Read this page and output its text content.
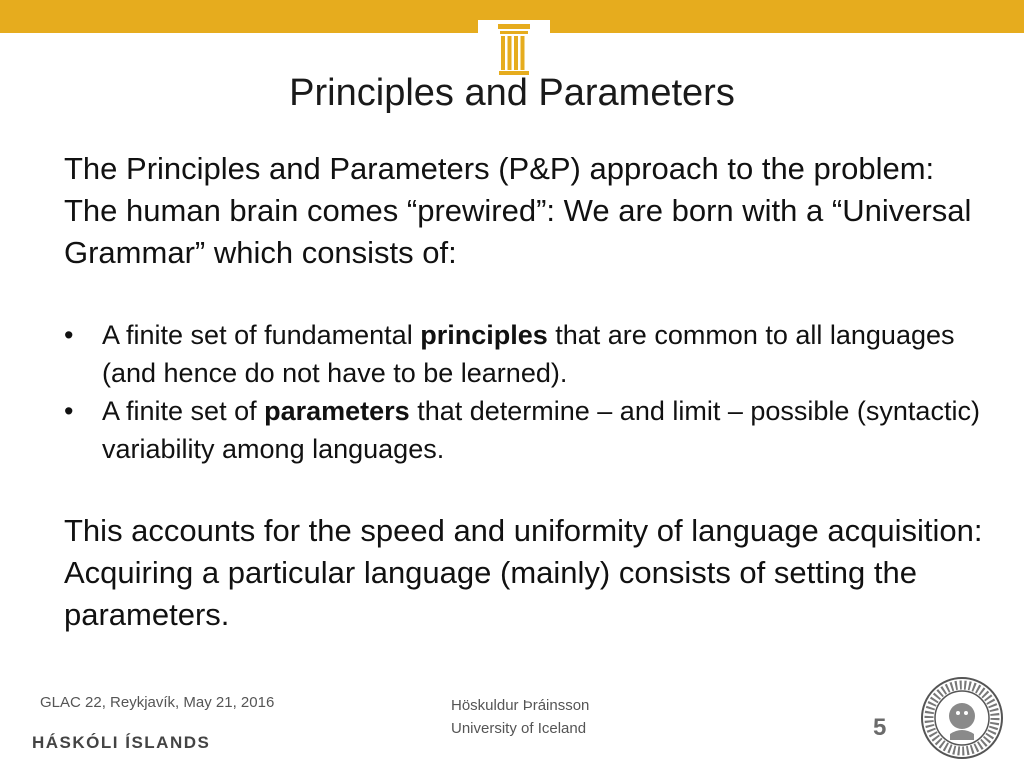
Principles and Parameters

The Principles and Parameters (P&P) approach to the problem: The human brain comes “prewired”: We are born with a “Universal Grammar” which consists of:

• A finite set of fundamental principles that are common to all languages (and hence do not have to be learned).
• A finite set of parameters that determine – and limit – possible (syntactic) variability among languages.

This accounts for the speed and uniformity of language acquisition: Acquiring a particular language (mainly) consists of setting the parameters.

GLAC 22, Reykjavík, May 21, 2016	Höskuldur Þráinsson
University of Iceland
HÁSKÓLI ÍSLANDS
5
